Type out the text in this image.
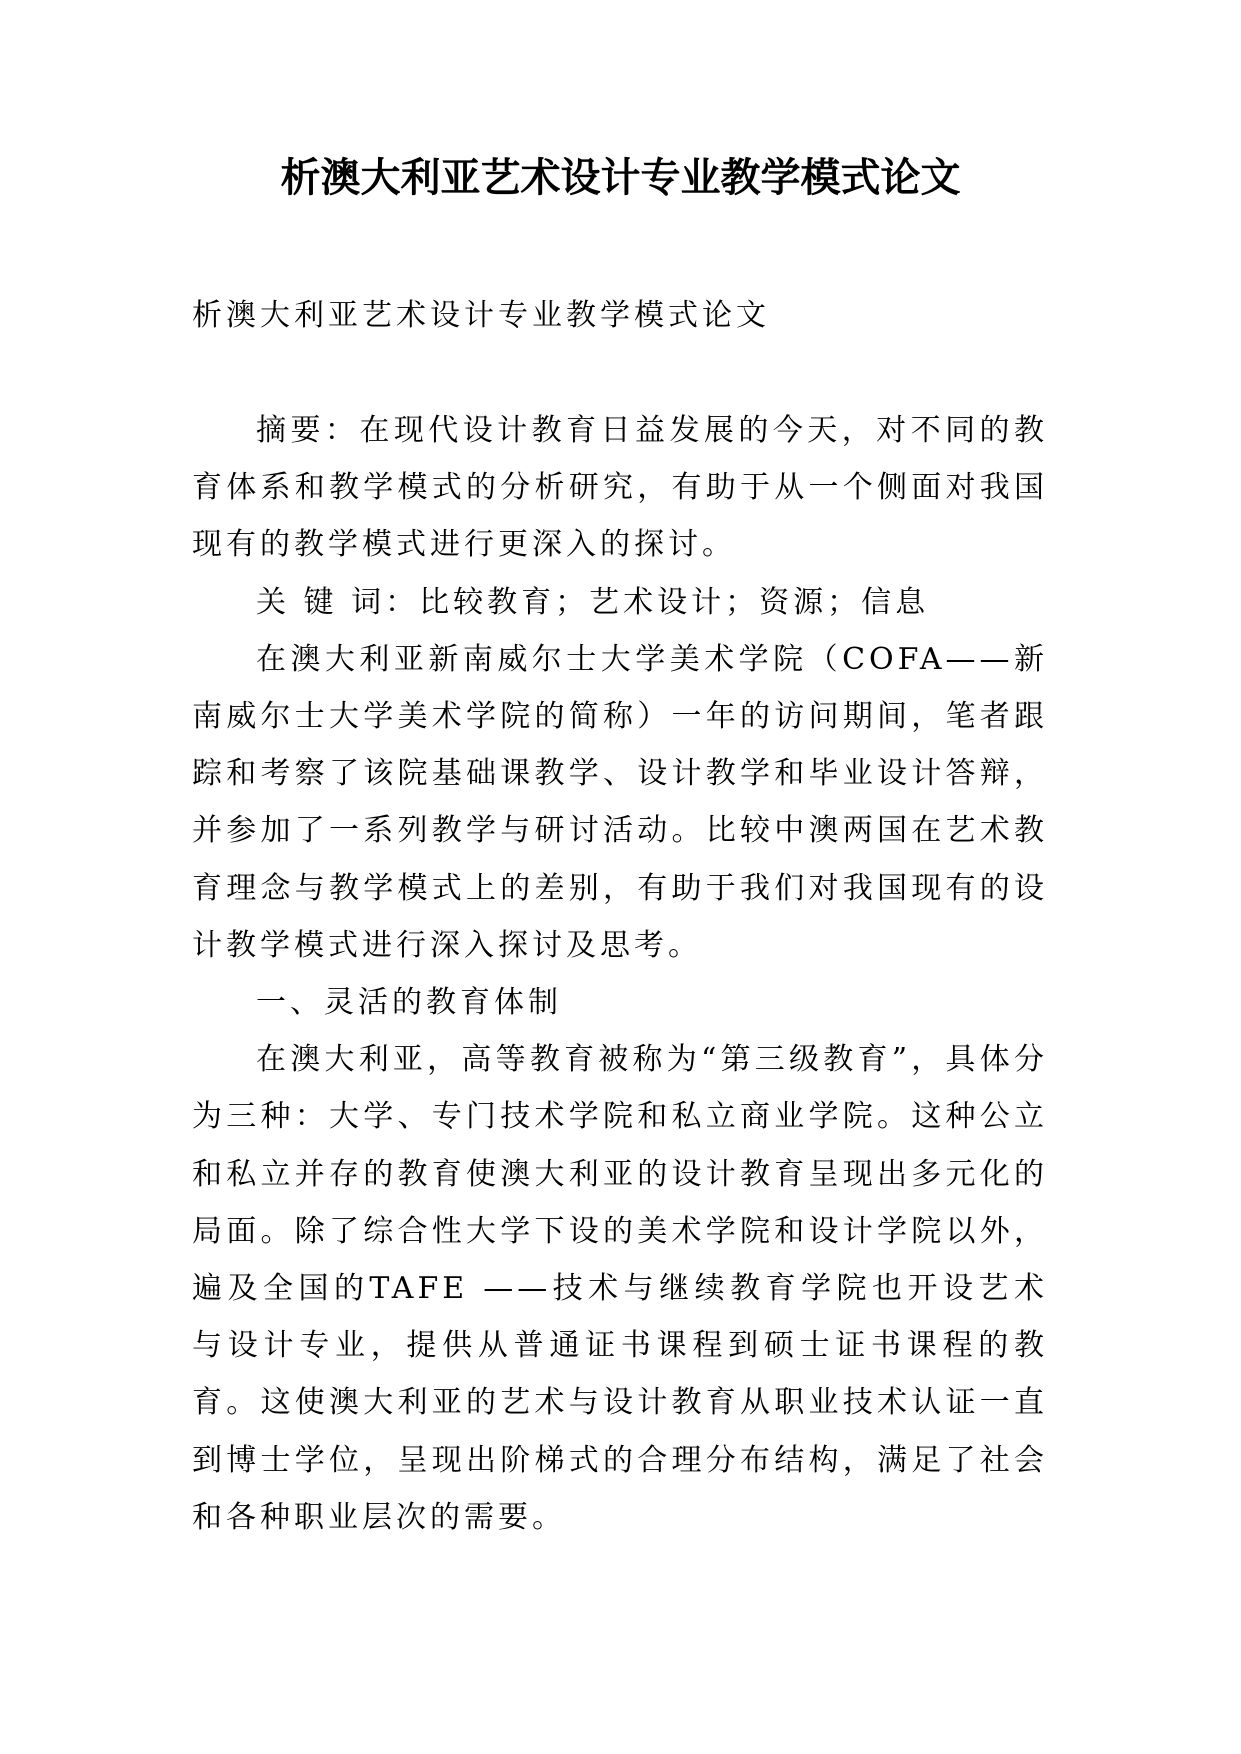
析澳大利亚艺术设计专业教学模式论文
析澳大利亚艺术设计专业教学模式论文

摘要：在现代设计教育日益发展的今天，对不同的教育体系和教学模式的分析研究，有助于从一个侧面对我国现有的教学模式进行更深入的探讨。

关 键 词：比较教育；艺术设计；资源；信息

在澳大利亚新南威尔士大学美术学院（COFA——新南威尔士大学美术学院的简称）一年的访问期间，笔者跟踪和考察了该院基础课教学、设计教学和毕业设计答辩，并参加了一系列教学与研讨活动。比较中澳两国在艺术教育理念与教学模式上的差别，有助于我们对我国现有的设计教学模式进行深入探讨及思考。

一、灵活的教育体制

在澳大利亚，高等教育被称为“第三级教育”，具体分为三种：大学、专门技术学院和私立商业学院。这种公立和私立并存的教育使澳大利亚的设计教育呈现出多元化的局面。除了综合性大学下设的美术学院和设计学院以外，遍及全国的TAFE ——技术与继续教育学院也开设艺术与设计专业，提供从普通证书课程到硕士证书课程的教育。这使澳大利亚的艺术与设计教育从职业技术认证一直到博士学位，呈现出阶梯式的合理分布结构，满足了社会和各种职业层次的需要。
